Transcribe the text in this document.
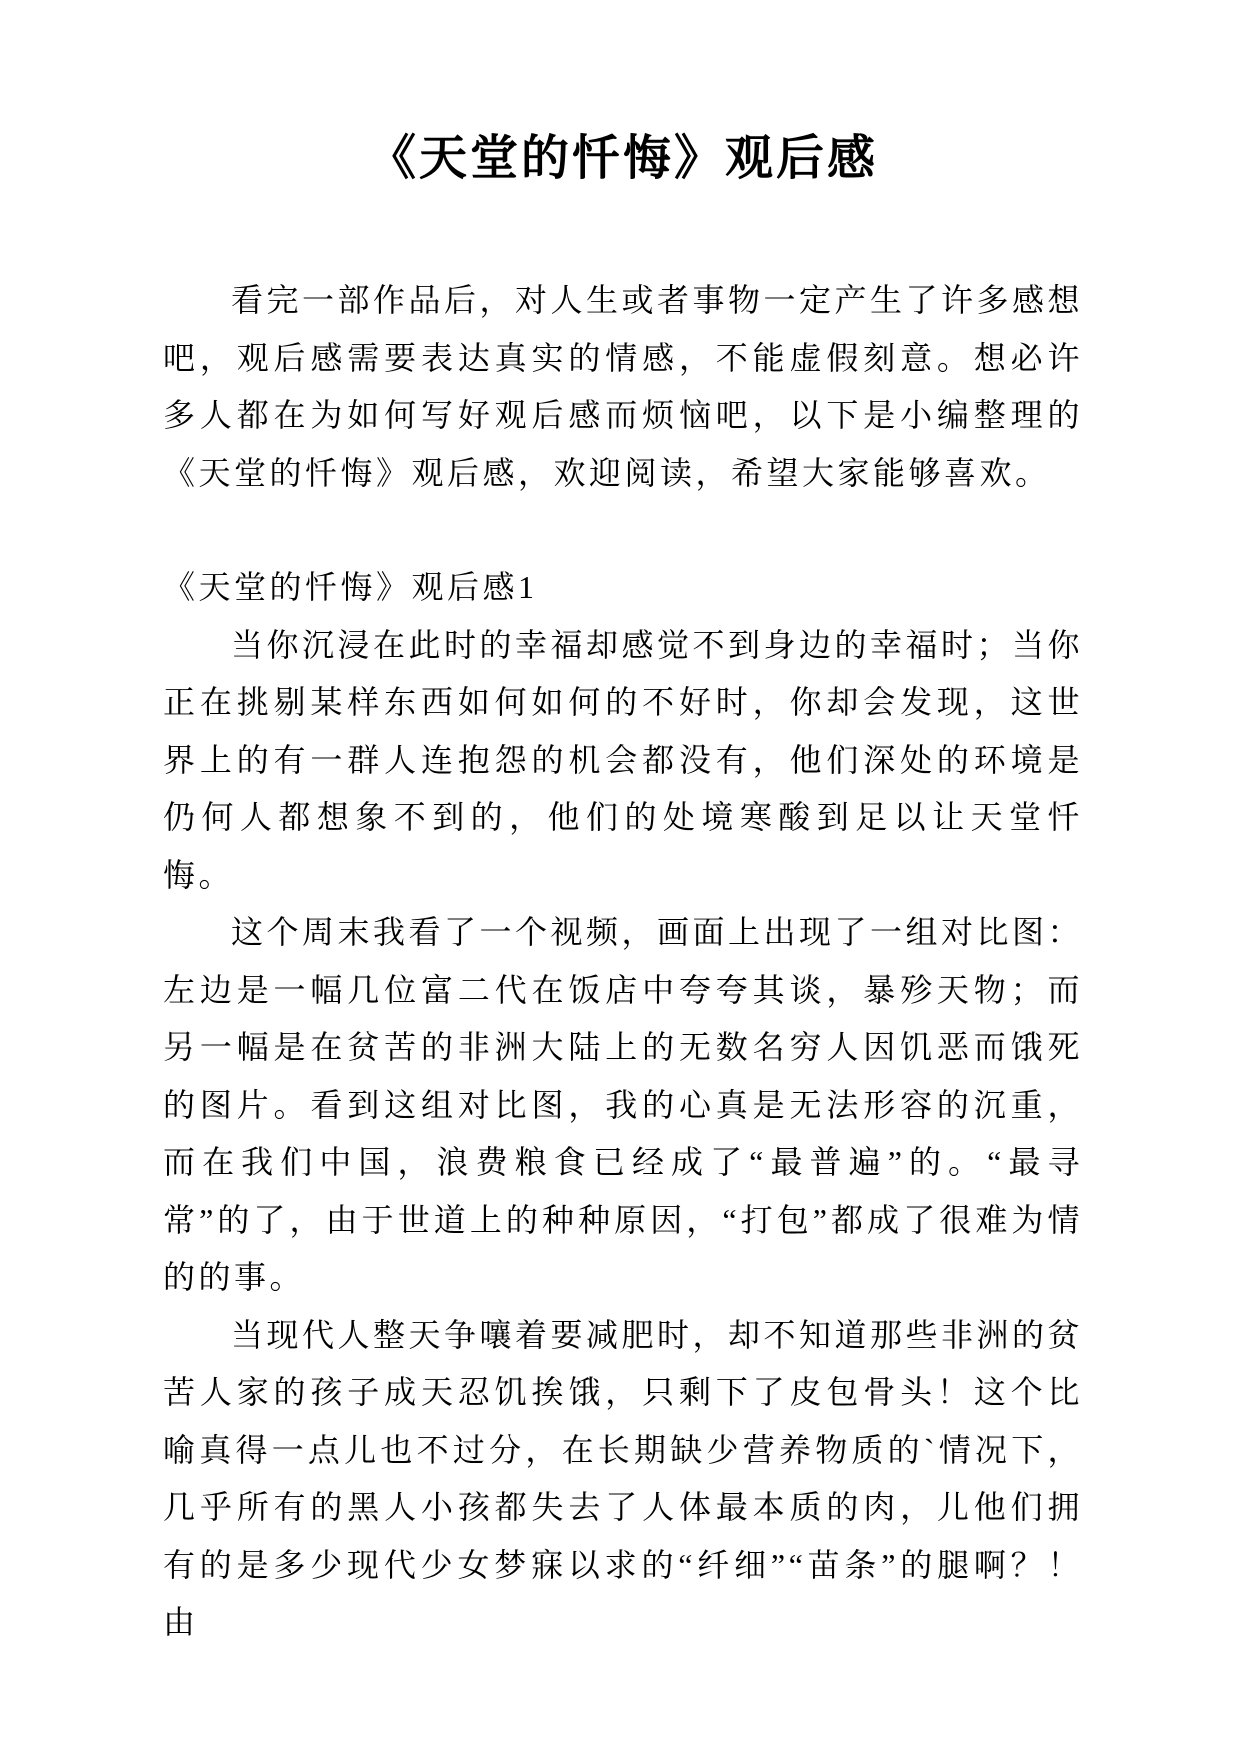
《天堂的忏悔》观后感

看完一部作品后，对人生或者事物一定产生了许多感想吧，观后感需要表达真实的情感，不能虚假刻意。想必许多人都在为如何写好观后感而烦恼吧，以下是小编整理的《天堂的忏悔》观后感，欢迎阅读，希望大家能够喜欢。

《天堂的忏悔》观后感1

当你沉浸在此时的幸福却感觉不到身边的幸福时；当你正在挑剔某样东西如何如何的不好时，你却会发现，这世界上的有一群人连抱怨的机会都没有，他们深处的环境是仍何人都想象不到的，他们的处境寒酸到足以让天堂忏悔。

这个周末我看了一个视频，画面上出现了一组对比图：左边是一幅几位富二代在饭店中夸夸其谈，暴殄天物；而另一幅是在贫苦的非洲大陆上的无数名穷人因饥恶而饿死的图片。看到这组对比图，我的心真是无法形容的沉重，而在我们中国，浪费粮食已经成了“最普遍”的。“最寻常”的了，由于世道上的种种原因，“打包”都成了很难为情的的事。

当现代人整天争嚷着要减肥时，却不知道那些非洲的贫苦人家的孩子成天忍饥挨饿，只剩下了皮包骨头！这个比喻真得一点儿也不过分，在长期缺少营养物质的`情况下，几乎所有的黑人小孩都失去了人体最本质的肉，儿他们拥有的是多少现代少女梦寐以求的“纤细”“苗条”的腿啊？！由
